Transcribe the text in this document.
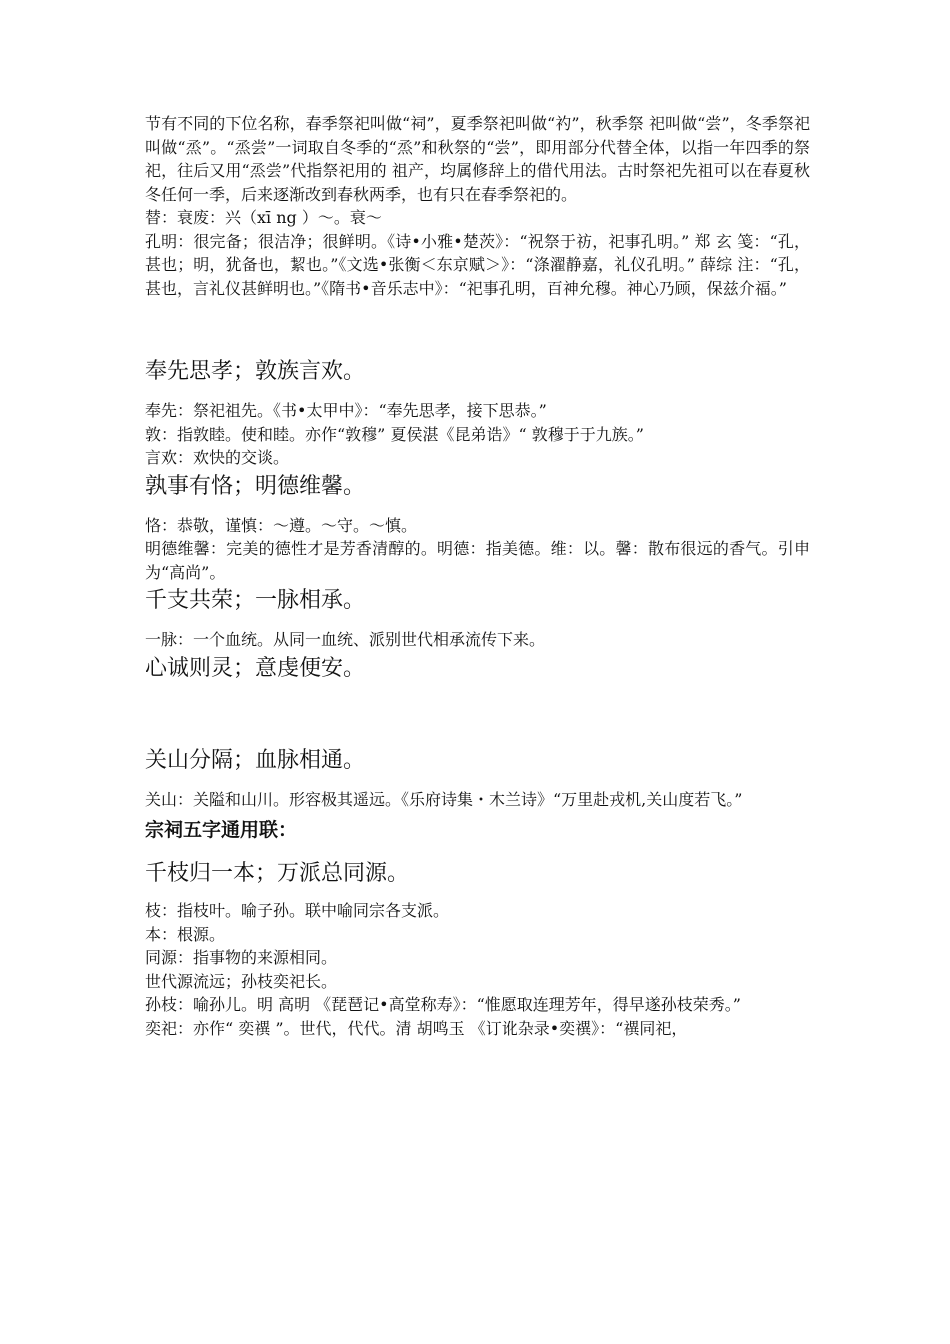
节有不同的下位名称，春季祭祀叫做“祠”，夏季祭祀叫做“礿”，秋季祭 祀叫做“尝”，冬季祭祀叫做“烝”。“烝尝”一词取自冬季的“烝”和秋祭的“尝”，即用部分代替全体，以指一年四季的祭祀，往后又用“烝尝”代指祭祀用的 祖产，均属修辞上的借代用法。古时祭祀先祖可以在春夏秋冬任何一季，后来逐渐改到春秋两季，也有只在春季祭祀的。

替：衰废：兴（xī ng ）～。衰～

孔明：很完备；很洁净；很鲜明。《诗•小雅•楚茨》：“祝祭于祊，祀事孔明。” 郑 玄 笺：“孔，甚也；明，犹备也，絜也。”《文选•张衡＜东京赋＞》：“涤濯静嘉，礼仪孔明。” 薛综 注：“孔，甚也，言礼仪甚鲜明也。”《隋书•音乐志中》：“祀事孔明，百神允穆。神心乃顾，保兹介福。”

奉先思孝；敦族言欢。

奉先：祭祀祖先。《书•太甲中》：“奉先思孝，接下思恭。”

敦：指敦睦。使和睦。亦作“敦穆” 夏侯湛《昆弟诰》“ 敦穆于于九族。”

言欢：欢快的交谈。

孰事有恪；明德维馨。

恪：恭敬，谨慎：～遵。～守。～慎。

明德维馨：完美的德性才是芳香清醇的。明德：指美德。维：以。馨：散布很远的香气。引申为“高尚”。

千支共荣；一脉相承。

一脉：一个血统。从同一血统、派别世代相承流传下来。

心诚则灵；意虔便安。
关山分隔；血脉相通。

关山：关隘和山川。形容极其遥远。《乐府诗集・木兰诗》“万里赴戎机,关山度若飞。”

宗祠五字通用联：
千枝归一本；万派总同源。

枝：指枝叶。喻子孙。联中喻同宗各支派。

本：根源。

同源：指事物的来源相同。

世代源流远；孙枝奕祀长。

孙枝：喻孙儿。明 高明 《琵琶记•高堂称寿》：“惟愿取连理芳年，得早遂孙枝荣秀。”

奕祀：亦作“ 奕禩 ”。世代，代代。清 胡鸣玉 《订讹杂录•奕禩》：“禩同祀，
